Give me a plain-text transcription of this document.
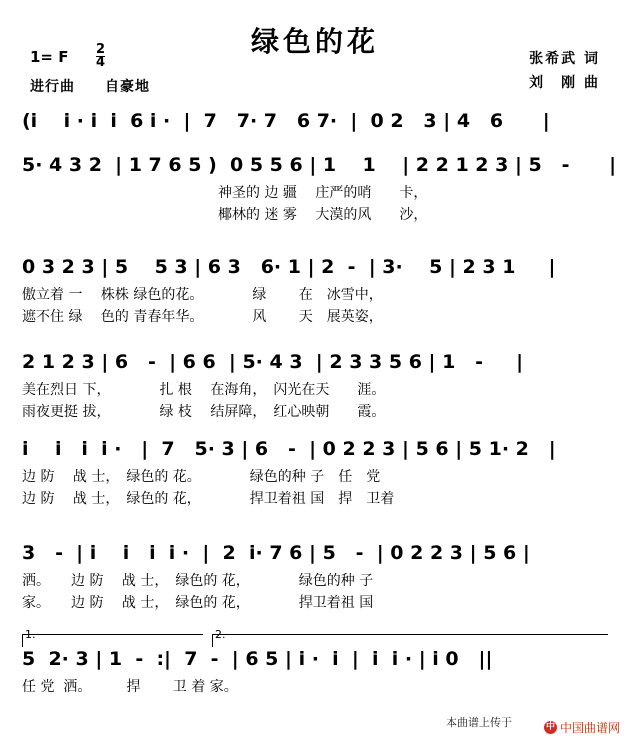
绿色的花
1= F $\frac{2}{4}$
进行曲 自豪地
张希武 词
刘　刚 曲
(i    i · i  i  6 i ·  |  7   7· 7   6 7·  |  0 2   3 | 4   6      |
5· 4 3 2  | 1 7 6 5 )  0 5 5 6 | 1    1    | 2 2 1 2 3 | 5   -      |
　　　　　　　　　　　　　　神圣的 边 疆　 庄严的哨　　卡，
　　　　　　　　　　　　　　椰林的 迷 雾　 大漠的风　　沙，
0 3 2 3 | 5    5 3 | 6 3   6· 1 | 2  -  | 3·    5 | 2 3 1     |
傲立着 一　 株株 绿色的花。　　　　绿　　 在　冰雪中，
遮不住 绿　 色的 青春年华。　　　　风　　 天　展英姿，
2 1 2 3 | 6   -  | 6 6  | 5· 4 3  | 2 3 3 5 6 | 1   -     |
美在烈日 下，　　　　扎 根　 在海角，　闪光在天　　涯。
雨夜更挺 拔，　　　　绿 枝　 结屏障，　红心映朝　　霞。
i    i   i  i ·   |  7   5· 3 | 6   -  | 0 2 2 3 | 5 6 | 5 1· 2   |
边 防　 战 士，　绿色的 花。　　　　绿色的种 子　任　党
边 防　 战 士，　绿色的 花，　　　　捍卫着祖 国　捍　卫着
3   -  | i    i   i  i ·  |  2  i· 7 6 | 5   -  | 0 2 2 3 | 5 6 |
洒。　　边 防　 战 士，　绿色的 花，　　　　绿色的种 子
家。　　边 防　 战 士，　绿色的 花，　　　　捍卫着祖 国
1.	2.
5  2· 3 | 1  -  :|  7  -  | 6 5 | i ·  i  |  i  i · | i 0   ||
任 党  洒。　　　捍　　 卫 着 家。
本曲谱上传于	中 中国曲谱网
